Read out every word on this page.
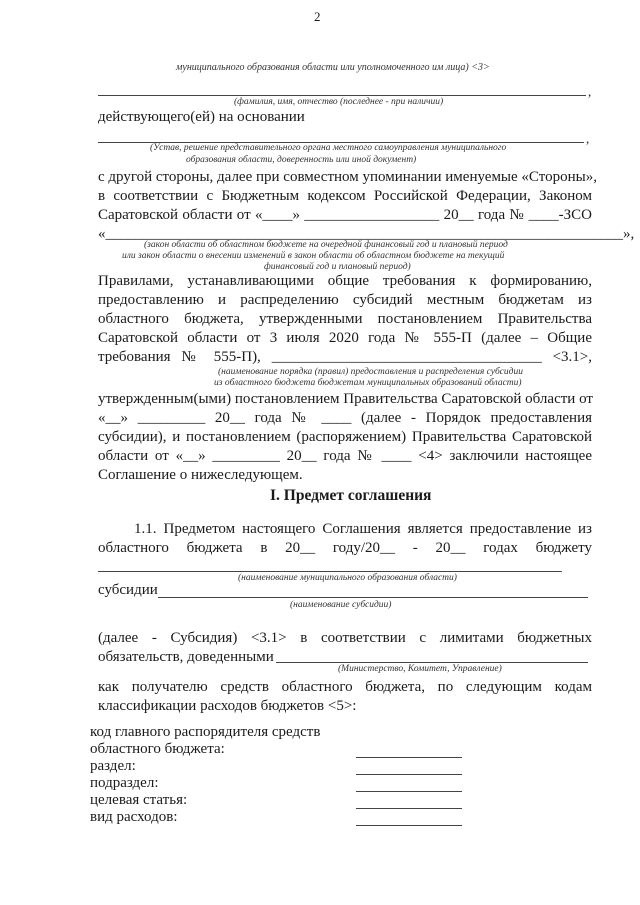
2
муниципального образования области или уполномоченного им лица) <3>
,
(фамилия, имя, отчество (последнее - при наличии)
действующего(ей) на основании
,
(Устав, решение представительного органа местного самоуправления муниципального
образования области, доверенность или иной документ)
с другой стороны, далее при совместном упоминании именуемые «Стороны»,
в соответствии с Бюджетным кодексом Российской Федерации, Законом
Саратовской области от «____» __________________ 20__ года № ____-ЗСО
«_____________________________________________________________________»,
(закон области об областном бюджете на очередной финансовый год и плановый период
или закон области о внесении изменений в закон области об областном бюджете на текущий
финансовый год и плановый период)
Правилами, устанавливающими общие требования к формированию,
предоставлению и распределению субсидий местным бюджетам из
областного бюджета, утвержденными постановлением Правительства
Саратовской области от 3 июля 2020 года № 555-П (далее – Общие
требования № 555-П), ____________________________________ <3.1>,
(наименование порядка (правил) предоставления и распределения субсидии
из областного бюджета бюджетам муниципальных образований области)
утвержденным(ыми) постановлением Правительства Саратовской области от
«__» _________ 20__ года № ____ (далее - Порядок предоставления
субсидии), и постановлением (распоряжением) Правительства Саратовской
области от «__» _________ 20__ года № ____ <4> заключили настоящее
Соглашение о нижеследующем.
I. Предмет соглашения
1.1. Предметом настоящего Соглашения является предоставление из
областного бюджета в 20__ году/20__ - 20__ годах бюджету
(наименование муниципального образования области)
субсидии
(наименование субсидии)
(далее - Субсидия) <3.1> в соответствии с лимитами бюджетных
обязательств, доведенными
(Министерство, Комитет, Управление)
как получателю средств областного бюджета, по следующим кодам
классификации расходов бюджетов <5>:
код главного распорядителя средств
областного бюджета:
раздел:
подраздел:
целевая статья:
вид расходов:
